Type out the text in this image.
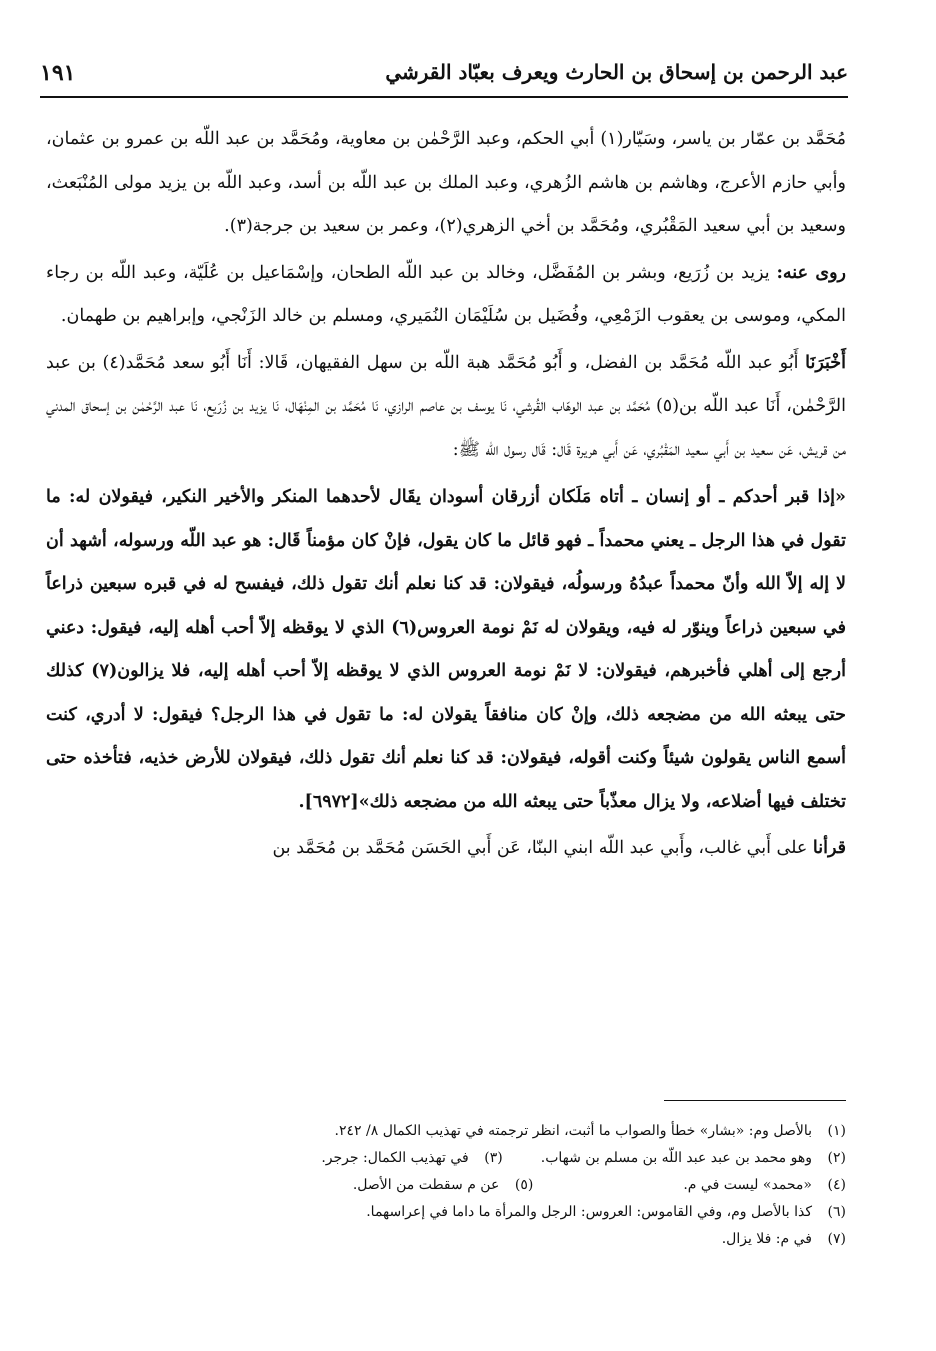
عبد الرحمن بن إسحاق بن الحارث ويعرف بعبّاد القرشي
١٩١

مُحَمَّد بن عمّار بن ياسر، وسَيّار(١) أبي الحكم، وعبد الرَّحْمٰن بن معاوية، ومُحَمَّد بن عبد اللّه بن عمرو بن عثمان، وأبي حازم الأعرج، وهاشم بن هاشم الزُهري، وعبد الملك بن عبد اللّه بن أسد، وعبد اللّه بن يزيد مولى المُنْبَعث، وسعيد بن أبي سعيد المَقْبُري، ومُحَمَّد بن أخي الزهري(٢)، وعمر بن سعيد بن جرجة(٣).

روى عنه: يزيد بن زُرَيع، وبشر بن المُفَضَّل، وخالد بن عبد اللّه الطحان، وإسْمَاعيل بن عُلَيّة، وعبد اللّه بن رجاء المكي، وموسى بن يعقوب الزَمْعِي، وفُضَيل بن سُلَيْمَان النُمَيري، ومسلم بن خالد الزَنْجي، وإبراهيم بن طهمان.

أَخْبَرَنَا أَبُو عبد اللّه مُحَمَّد بن الفضل، و أَبُو مُحَمَّد هبة اللّه بن سهل الفقيهان، قَالا: أَنَا أَبُو سعد مُحَمَّد(٤) بن عبد الرَّحْمٰن، أَنَا عبد اللّه بن(٥) مُحَمَّد بن عبد الوهّاب القُرشي، نَا يوسف بن عاصم الرازي، نَا مُحَمَّد بن المِنْهَال، نَا يزيد بن زُرَيع، نَا عبد الرَّحْمٰن بن إسحاق المدني من قريش، عَن سعيد بن أَبي سعيد المَقْبُري، عَن أَبي هريرة قَال: قَال رسول اللّه ﷺ:

«إذا قبر أحدكم ـ أو إنسان ـ أتاه مَلَكان أزرقان أسودان يقَال لأحدهما المنكر والأخير النكير، فيقولان له: ما تقول في هذا الرجل ـ يعني محمداً ـ فهو قائل ما كان يقول، فإنْ كان مؤمناً قَال: هو عبد اللّه ورسوله، أشهد أن لا إله إلاّ الله وأنّ محمداً عبدُهُ ورسولُه، فيقولان: قد كنا نعلم أنك تقول ذلك، فيفسح له في قبره سبعين ذراعاً في سبعين ذراعاً وينوّر له فيه، ويقولان له نَمْ نومة العروس(٦) الذي لا يوقظه إلاّ أحب أهله إليه، فيقول: دعني أرجع إلى أهلي فأخبرهم، فيقولان: لا نَمْ نومة العروس الذي لا يوقظه إلاّ أحب أهله إليه، فلا يزالون(٧) كذلك حتى يبعثه الله من مضجعه ذلك، وإنْ كان منافقاً يقولان له: ما تقول في هذا الرجل؟ فيقول: لا أدري، كنت أسمع الناس يقولون شيئاً وكنت أقوله، فيقولان: قد كنا نعلم أنك تقول ذلك، فيقولان للأرض خذيه، فتأخذه حتى تختلف فيها أضلاعه، ولا يزال معذّباً حتى يبعثه الله من مضجعه ذلك»[٦٩٧٢].

قرأنا على أَبي غالب، وأَبي عبد اللّه ابني البنّا، عَن أَبي الحَسَن مُحَمَّد بن مُحَمَّد بن

(١)
بالأصل وم: «بشار» خطأ والصواب ما أثبت، انظر ترجمته في تهذيب الكمال ٨/ ٢٤٢.
(٢)
وهو محمد بن عبد عبد اللّه بن مسلم بن شهاب.
(٣)
في تهذيب الكمال: جرجر.
(٤)
«محمد» ليست في م.
(٥)
عن م سقطت من الأصل.
(٦)
كذا بالأصل وم، وفي القاموس: العروس: الرجل والمرأة ما داما في إعراسهما.
(٧)
في م: فلا يزال.
